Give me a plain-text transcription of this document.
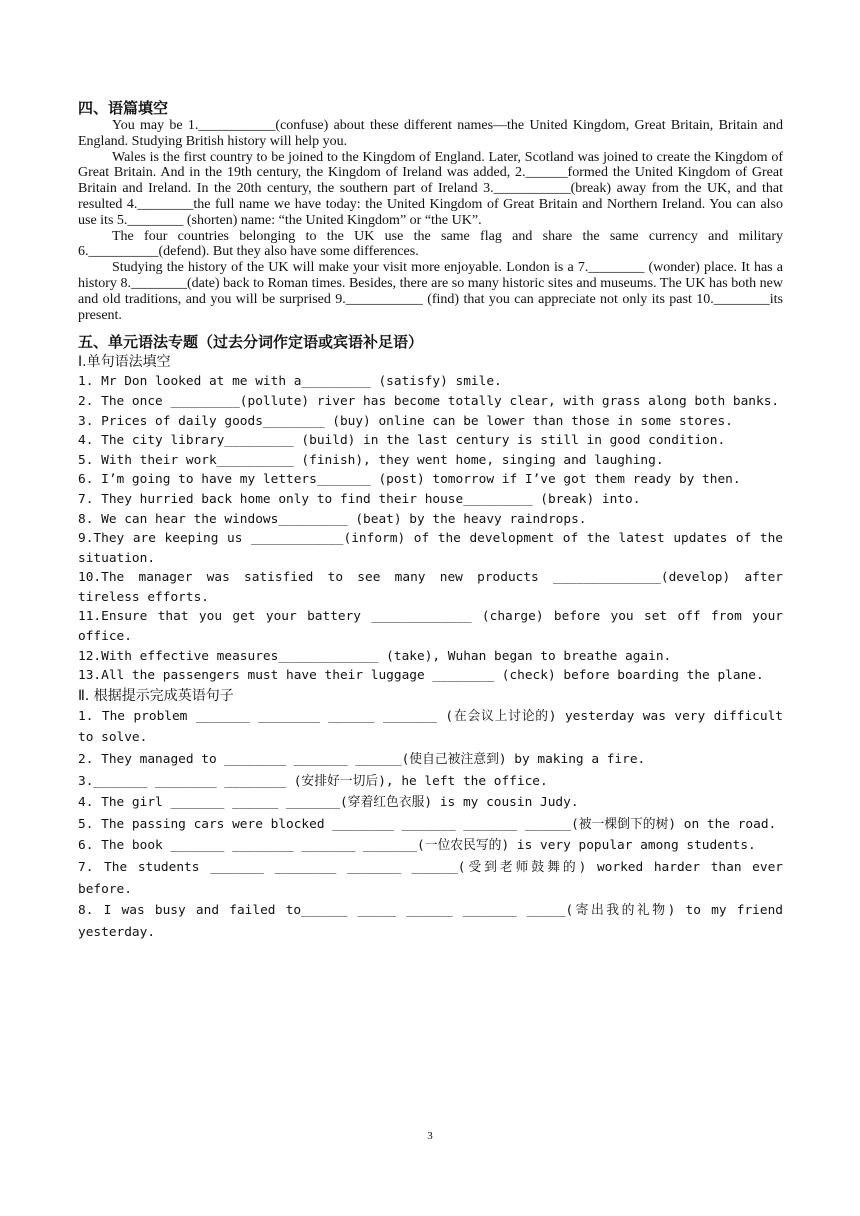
四、语篇填空

You may be 1.___________(confuse) about these different names—the United Kingdom, Great Britain, Britain and England. Studying British history will help you.

Wales is the first country to be joined to the Kingdom of England. Later, Scotland was joined to create the Kingdom of Great Britain. And in the 19th century, the Kingdom of Ireland was added, 2.______formed the United Kingdom of Great Britain and Ireland. In the 20th century, the southern part of Ireland 3.___________(break) away from the UK, and that resulted 4.________the full name we have today: the United Kingdom of Great Britain and Northern Ireland. You can also use its 5.________ (shorten) name: “the United Kingdom” or “the UK”.

The four countries belonging to the UK use the same flag and share the same currency and military 6.__________(defend). But they also have some differences.

Studying the history of the UK will make your visit more enjoyable. London is a 7.________ (wonder) place. It has a history 8.________(date) back to Roman times. Besides, there are so many historic sites and museums. The UK has both new and old traditions, and you will be surprised 9.___________ (find) that you can appreciate not only its past 10.________its present.

五、单元语法专题（过去分词作定语或宾语补足语）

I.单句语法填空

1. Mr Don looked at me with a_________ (satisfy) smile.

2. The once _________(pollute) river has become totally clear, with grass along both banks.

3. Prices of daily goods________ (buy) online can be lower than those in some stores.

4. The city library_________ (build) in the last century is still in good condition.

5. With their work__________ (finish), they went home, singing and laughing.

6. I’m going to have my letters_______ (post) tomorrow if I’ve got them ready by then.

7. They hurried back home only to find their house_________ (break) into.

8. We can hear the windows_________ (beat) by the heavy raindrops.

9.They are keeping us ____________(inform) of the development of the latest updates of the situation.

10.The manager was satisfied to see many new products ______________(develop) after tireless efforts.

11.Ensure that you get your battery _____________ (charge) before you set off from your office.

12.With effective measures_____________ (take), Wuhan began to breathe again.

13.All the passengers must have their luggage ________ (check) before boarding the plane.

Ⅱ. 根据提示完成英语句子

1. The problem _______ ________ ______ _______ (在会议上讨论的) yesterday was very difficult to solve.

2. They managed to ________ _______ ______(使自己被注意到) by making a fire.

3._______ ________ ________ (安排好一切后), he left the office.

4. The girl _______ ______ _______(穿着红色衣服) is my cousin Judy.

5. The passing cars were blocked ________ _______ _______ ______(被一棵倒下的树) on the road.

6. The book _______ ________ _______ _______(一位农民写的) is very popular among students.

7. The students _______ ________ _______ ______(受到老师鼓舞的) worked harder than ever before.

8. I was busy and failed to______ _____ ______ _______ _____(寄出我的礼物) to my friend yesterday.

3
